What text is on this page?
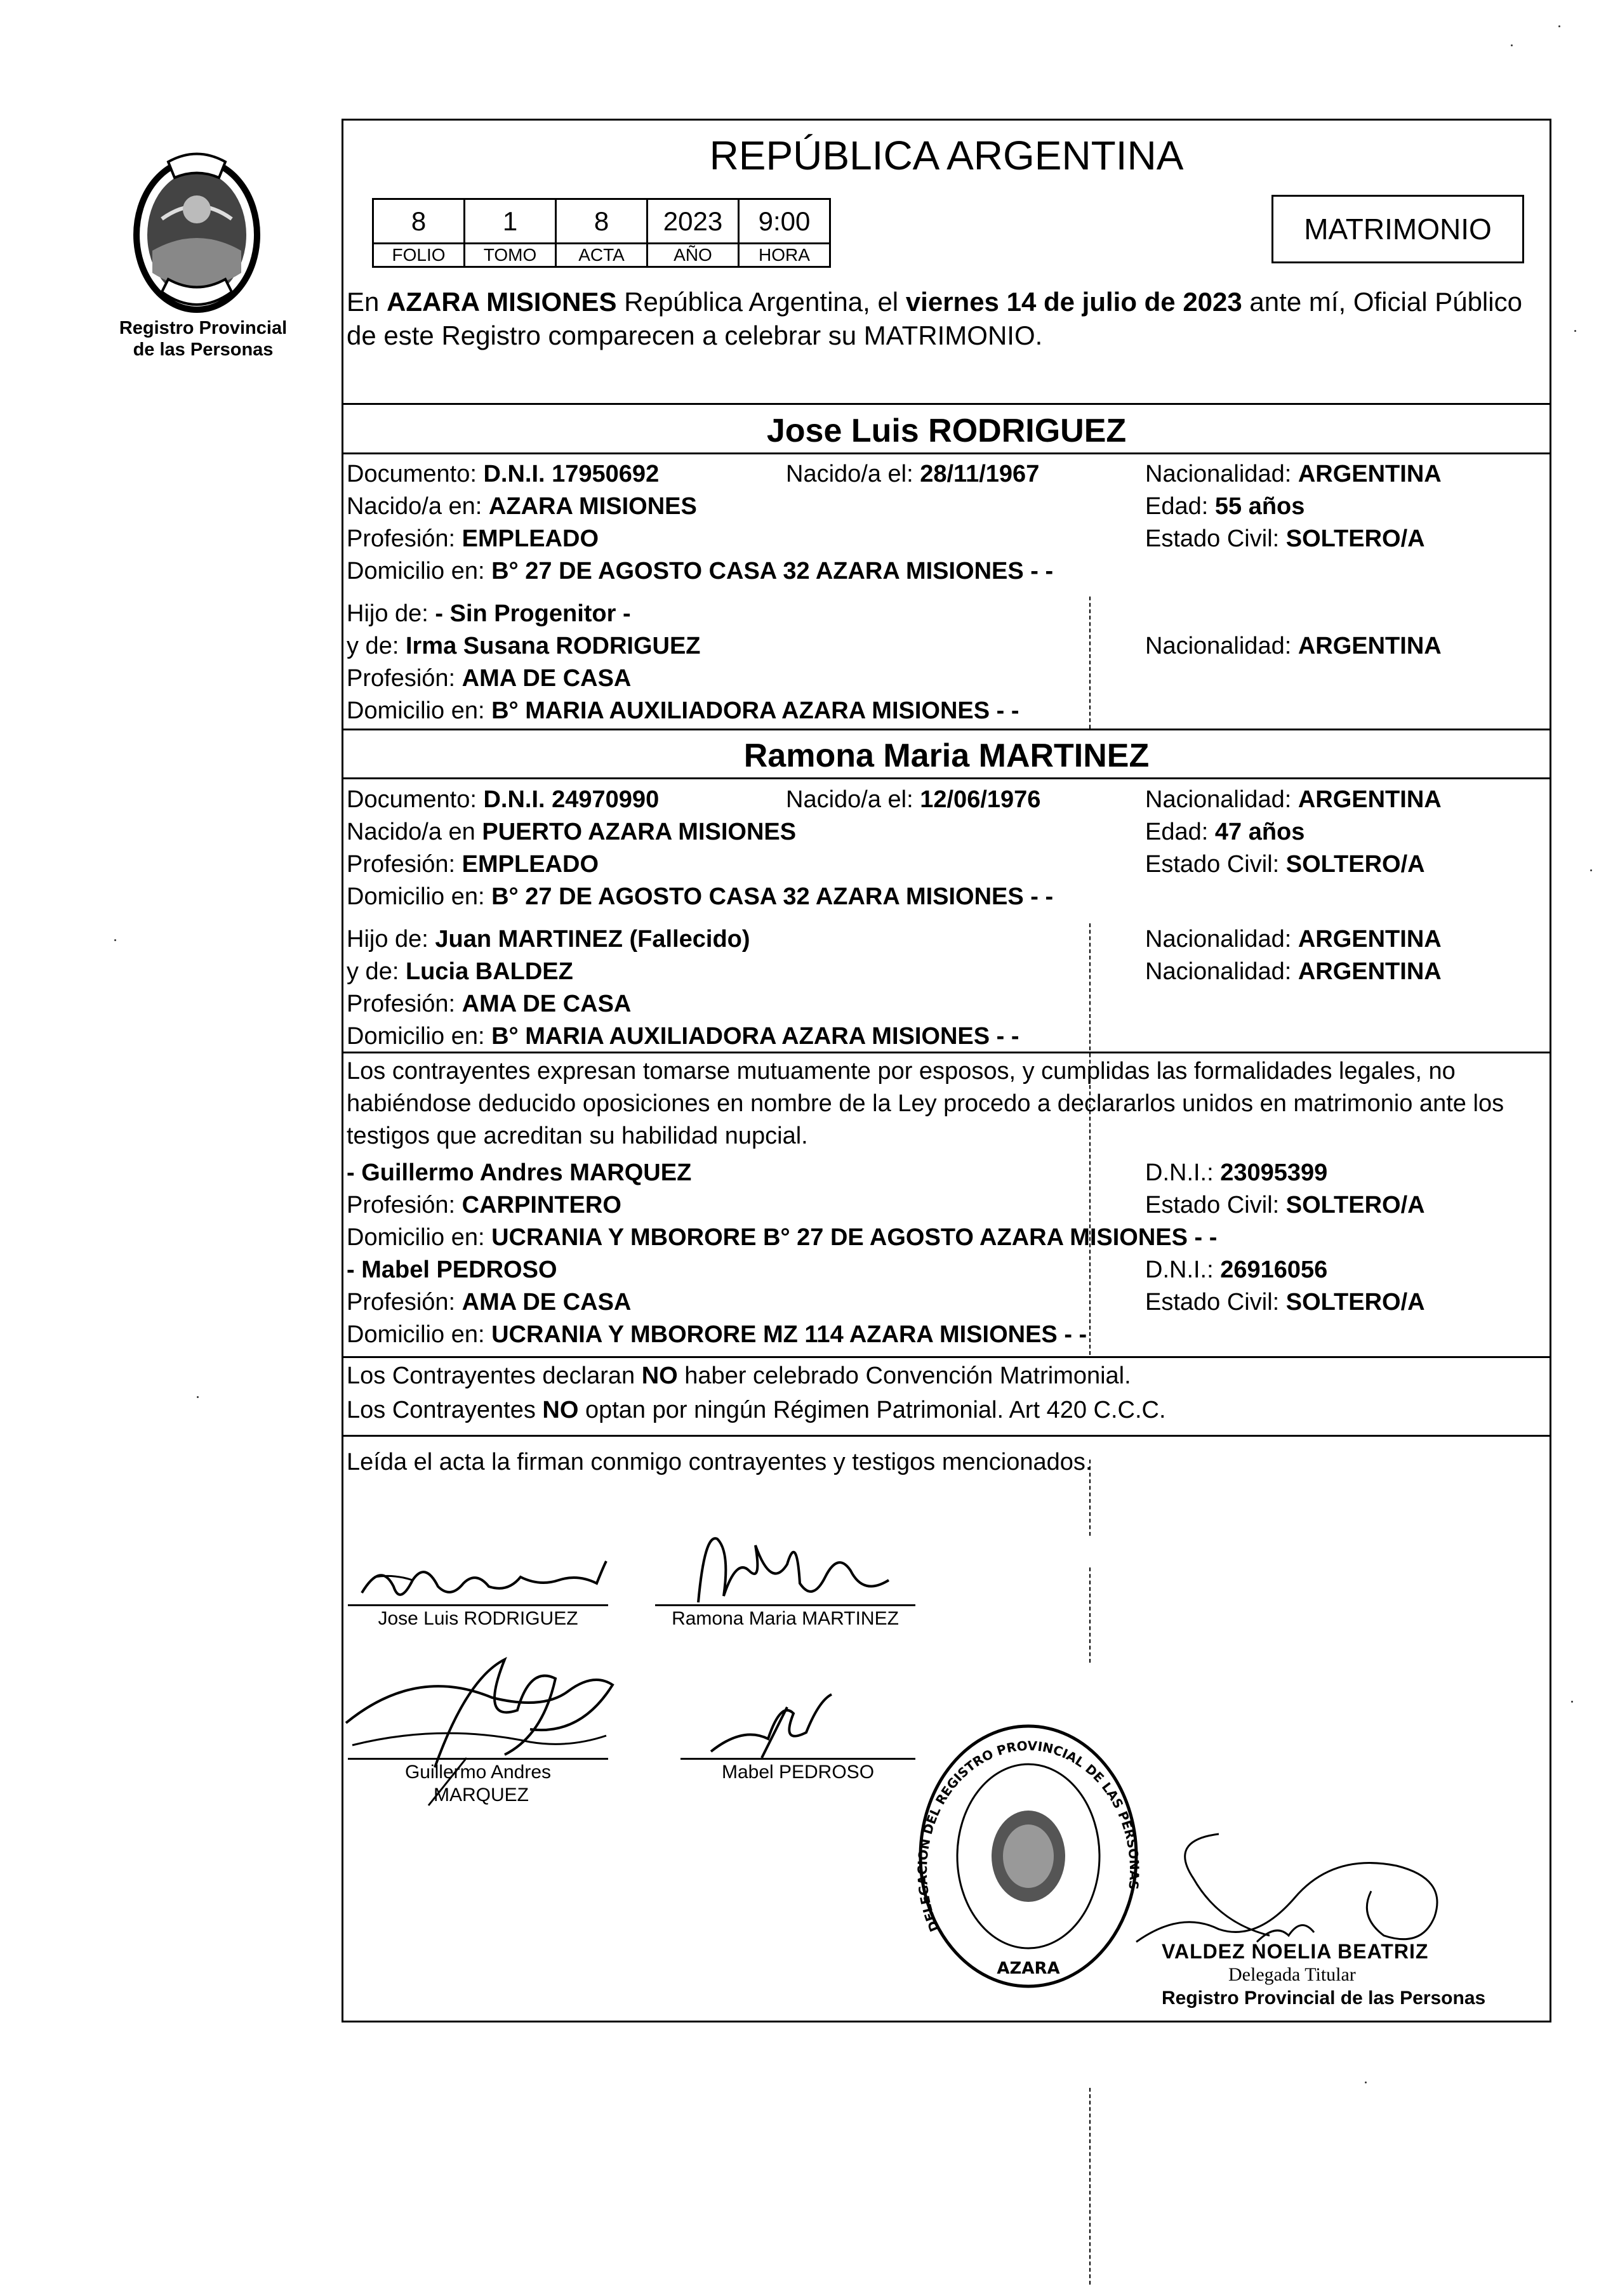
Registro Provincial de las Personas
REPÚBLICA ARGENTINA
8	1	8	2023	9:00
FOLIO	TOMO	ACTA	AÑO	HORA
MATRIMONIO
En AZARA MISIONES República Argentina, el viernes 14 de julio de 2023 ante mí, Oficial Público de este Registro comparecen a celebrar su MATRIMONIO.
Jose Luis RODRIGUEZ
Documento: D.N.I. 17950692	Nacido/a el: 28/11/1967	Nacionalidad: ARGENTINA
Nacido/a en: AZARA MISIONES	Edad: 55 años
Profesión: EMPLEADO	Estado Civil: SOLTERO/A
Domicilio en: B° 27 DE AGOSTO CASA 32 AZARA MISIONES - -
Hijo de: - Sin Progenitor -
y de: Irma Susana RODRIGUEZ	Nacionalidad: ARGENTINA
Profesión: AMA DE CASA
Domicilio en: B° MARIA AUXILIADORA AZARA MISIONES - -
Ramona Maria MARTINEZ
Documento: D.N.I. 24970990	Nacido/a el: 12/06/1976	Nacionalidad: ARGENTINA
Nacido/a en PUERTO AZARA MISIONES	Edad: 47 años
Profesión: EMPLEADO	Estado Civil: SOLTERO/A
Domicilio en: B° 27 DE AGOSTO CASA 32 AZARA MISIONES - -
Hijo de: Juan MARTINEZ (Fallecido)	Nacionalidad: ARGENTINA
y de: Lucia BALDEZ	Nacionalidad: ARGENTINA
Profesión: AMA DE CASA
Domicilio en: B° MARIA AUXILIADORA AZARA MISIONES - -
Los contrayentes expresan tomarse mutuamente por esposos, y cumplidas las formalidades legales, no habiéndose deducido oposiciones en nombre de la Ley procedo a declararlos unidos en matrimonio ante los testigos que acreditan su habilidad nupcial.
- Guillermo Andres MARQUEZ	D.N.I.: 23095399
Profesión: CARPINTERO	Estado Civil: SOLTERO/A
Domicilio en: UCRANIA Y MBORORE B° 27 DE AGOSTO AZARA MISIONES - -
- Mabel PEDROSO	D.N.I.: 26916056
Profesión: AMA DE CASA	Estado Civil: SOLTERO/A
Domicilio en: UCRANIA Y MBORORE MZ 114 AZARA MISIONES - -
Los Contrayentes declaran NO haber celebrado Convención Matrimonial.
Los Contrayentes NO optan por ningún Régimen Patrimonial. Art 420 C.C.C.
Leída el acta la firman conmigo contrayentes y testigos mencionados.
Jose Luis RODRIGUEZ	Ramona Maria MARTINEZ
Guillermo Andres
MARQUEZ
Mabel PEDROSO
AZARA
DELEGACION DEL REGISTRO PROVINCIAL DE LAS PERSONAS
VALDEZ NOELIA BEATRIZ
Delegada Titular
Registro Provincial de las Personas
